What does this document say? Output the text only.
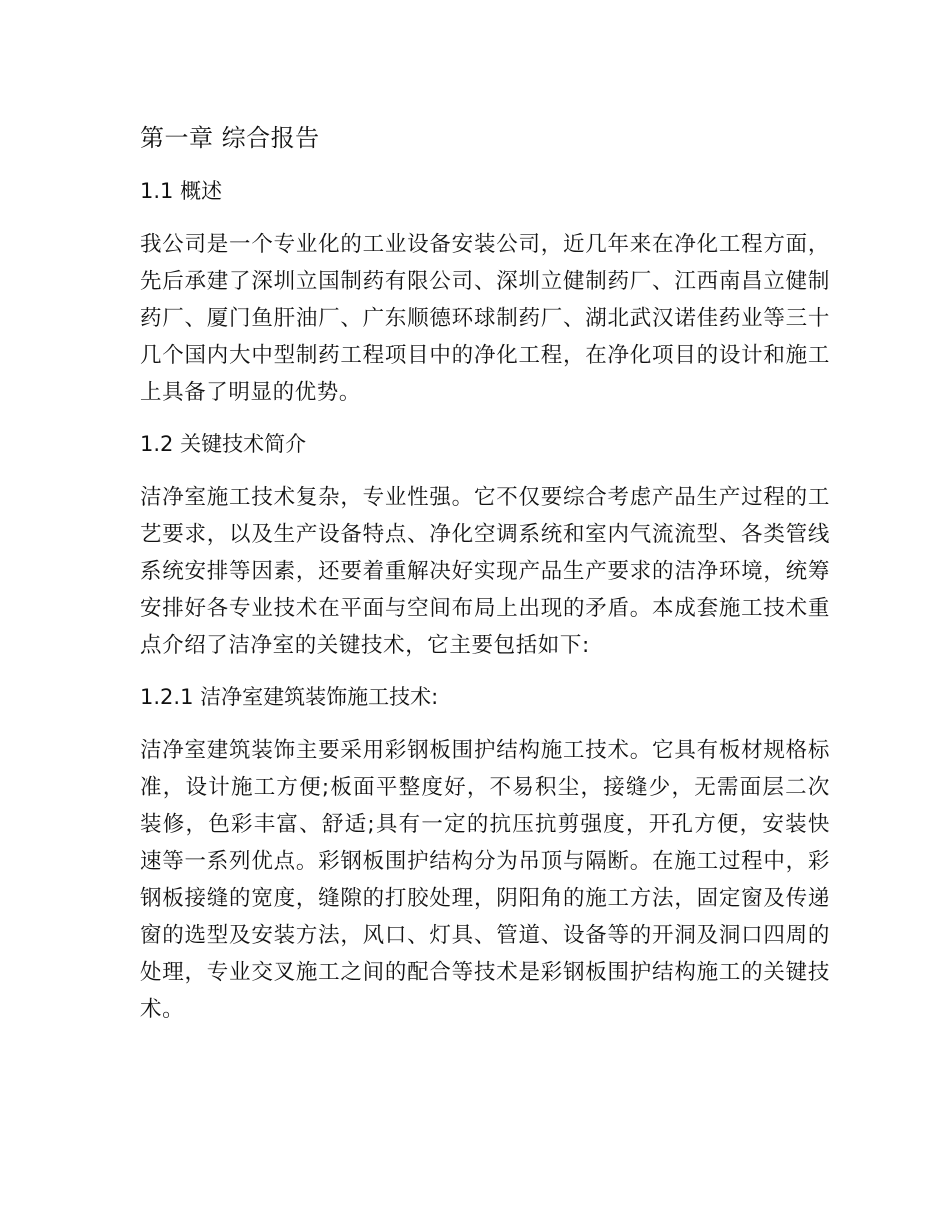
第一章 综合报告
1.1 概述

我公司是一个专业化的工业设备安装公司，近几年来在净化工程方面，先后承建了深圳立国制药有限公司、深圳立健制药厂、江西南昌立健制药厂、厦门鱼肝油厂、广东顺德环球制药厂、湖北武汉诺佳药业等三十几个国内大中型制药工程项目中的净化工程，在净化项目的设计和施工上具备了明显的优势。

1.2 关键技术简介

洁净室施工技术复杂，专业性强。它不仅要综合考虑产品生产过程的工艺要求，以及生产设备特点、净化空调系统和室内气流流型、各类管线系统安排等因素，还要着重解决好实现产品生产要求的洁净环境，统筹安排好各专业技术在平面与空间布局上出现的矛盾。本成套施工技术重点介绍了洁净室的关键技术，它主要包括如下:

1.2.1 洁净室建筑装饰施工技术:

洁净室建筑装饰主要采用彩钢板围护结构施工技术。它具有板材规格标准，设计施工方便;板面平整度好，不易积尘，接缝少，无需面层二次装修，色彩丰富、舒适;具有一定的抗压抗剪强度，开孔方便，安装快速等一系列优点。彩钢板围护结构分为吊顶与隔断。在施工过程中，彩钢板接缝的宽度，缝隙的打胶处理，阴阳角的施工方法，固定窗及传递窗的选型及安装方法，风口、灯具、管道、设备等的开洞及洞口四周的处理，专业交叉施工之间的配合等技术是彩钢板围护结构施工的关键技术。
